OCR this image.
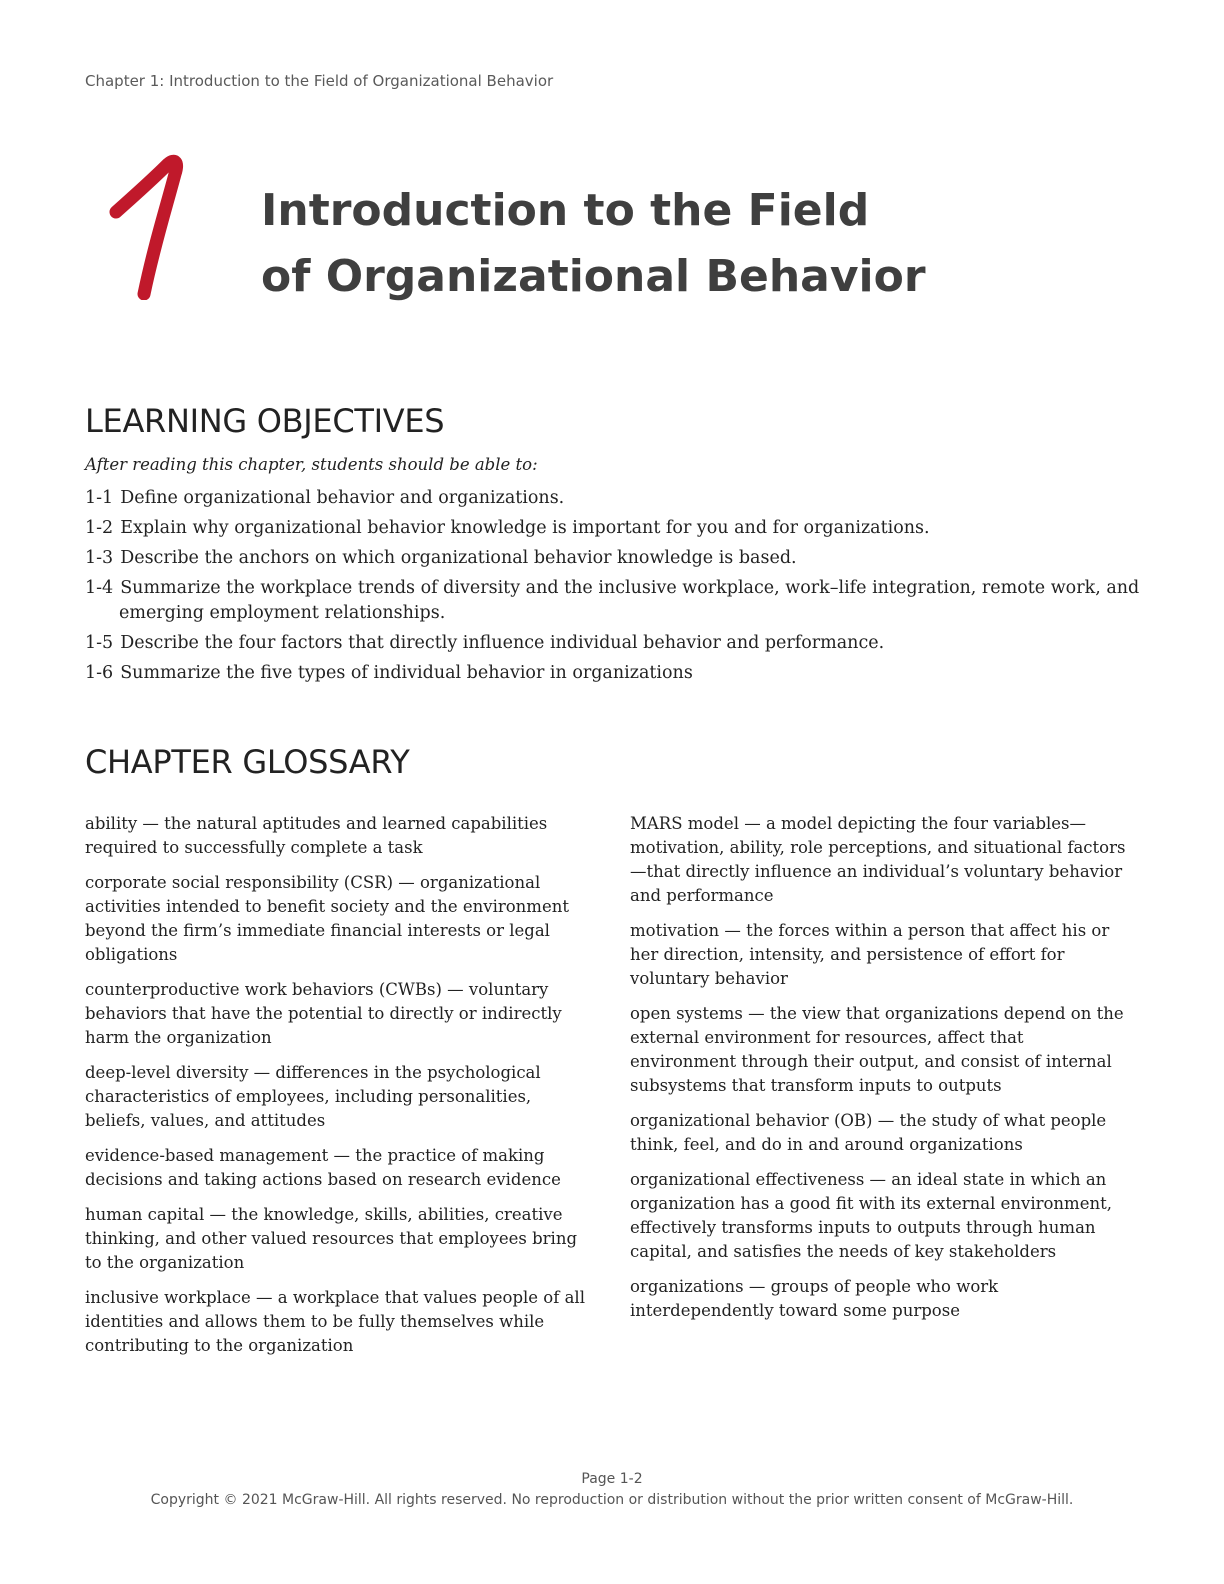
Chapter 1: Introduction to the Field of Organizational Behavior
Introduction to the Field
of Organizational Behavior
LEARNING OBJECTIVES
After reading this chapter, students should be able to:
1-1 Define organizational behavior and organizations.
1-2 Explain why organizational behavior knowledge is important for you and for organizations.
1-3 Describe the anchors on which organizational behavior knowledge is based.
1-4 Summarize the workplace trends of diversity and the inclusive workplace, work–life integration, remote work, and emerging employment relationships.
1-5 Describe the four factors that directly influence individual behavior and performance.
1-6 Summarize the five types of individual behavior in organizations
CHAPTER GLOSSARY
ability — the natural aptitudes and learned capabilities required to successfully complete a task
corporate social responsibility (CSR) — organizational activities intended to benefit society and the environment beyond the firm’s immediate financial interests or legal obligations
counterproductive work behaviors (CWBs) — voluntary behaviors that have the potential to directly or indirectly harm the organization
deep-level diversity — differences in the psychological characteristics of employees, including personalities, beliefs, values, and attitudes
evidence-based management — the practice of making decisions and taking actions based on research evidence
human capital — the knowledge, skills, abilities, creative thinking, and other valued resources that employees bring to the organization
inclusive workplace — a workplace that values people of all identities and allows them to be fully themselves while contributing to the organization
MARS model — a model depicting the four variables—motivation, ability, role perceptions, and situational factors—that directly influence an individual’s voluntary behavior and performance
motivation — the forces within a person that affect his or her direction, intensity, and persistence of effort for voluntary behavior
open systems — the view that organizations depend on the external environment for resources, affect that environment through their output, and consist of internal subsystems that transform inputs to outputs
organizational behavior (OB) — the study of what people think, feel, and do in and around organizations
organizational effectiveness — an ideal state in which an organization has a good fit with its external environment, effectively transforms inputs to outputs through human capital, and satisfies the needs of key stakeholders
organizations — groups of people who work interdependently toward some purpose
Page 1-2
Copyright © 2021 McGraw-Hill. All rights reserved. No reproduction or distribution without the prior written consent of McGraw-Hill.
